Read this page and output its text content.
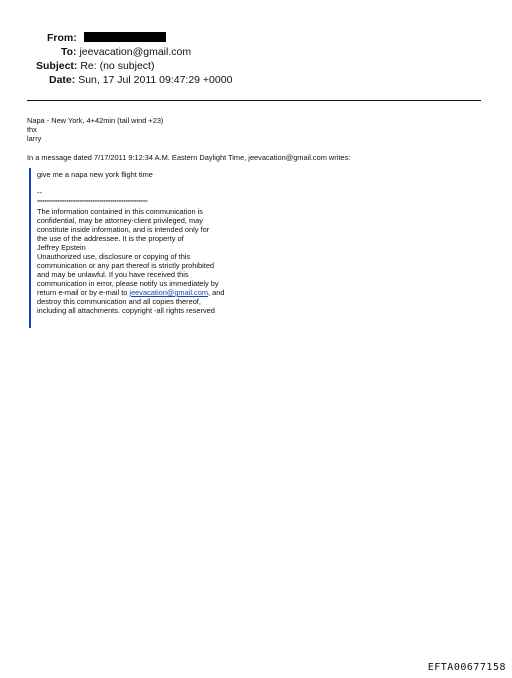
From:
To: jeevacation@gmail.com
Subject: Re: (no subject)
Date: Sun, 17 Jul 2011 09:47:29 +0000
Napa - New York, 4+42min (tail wind +23)
thx
larry
In a message dated 7/17/2011 9:12:34 A.M. Eastern Daylight Time, jeevacation@gmail.com writes:
give me a napa new york flight time
--
************************************************************
The information contained in this communication is
confidential, may be attorney-client privileged, may
constitute inside information, and is intended only for
the use of the addressee. It is the property of
Jeffrey Epstein
Unauthorized use, disclosure or copying of this
communication or any part thereof is strictly prohibited
and may be unlawful. If you have received this
communication in error, please notify us immediately by
return e-mail or by e-mail to jeevacation@gmail.com, and
destroy this communication and all copies thereof,
including all attachments. copyright -all rights reserved
EFTA00677158
